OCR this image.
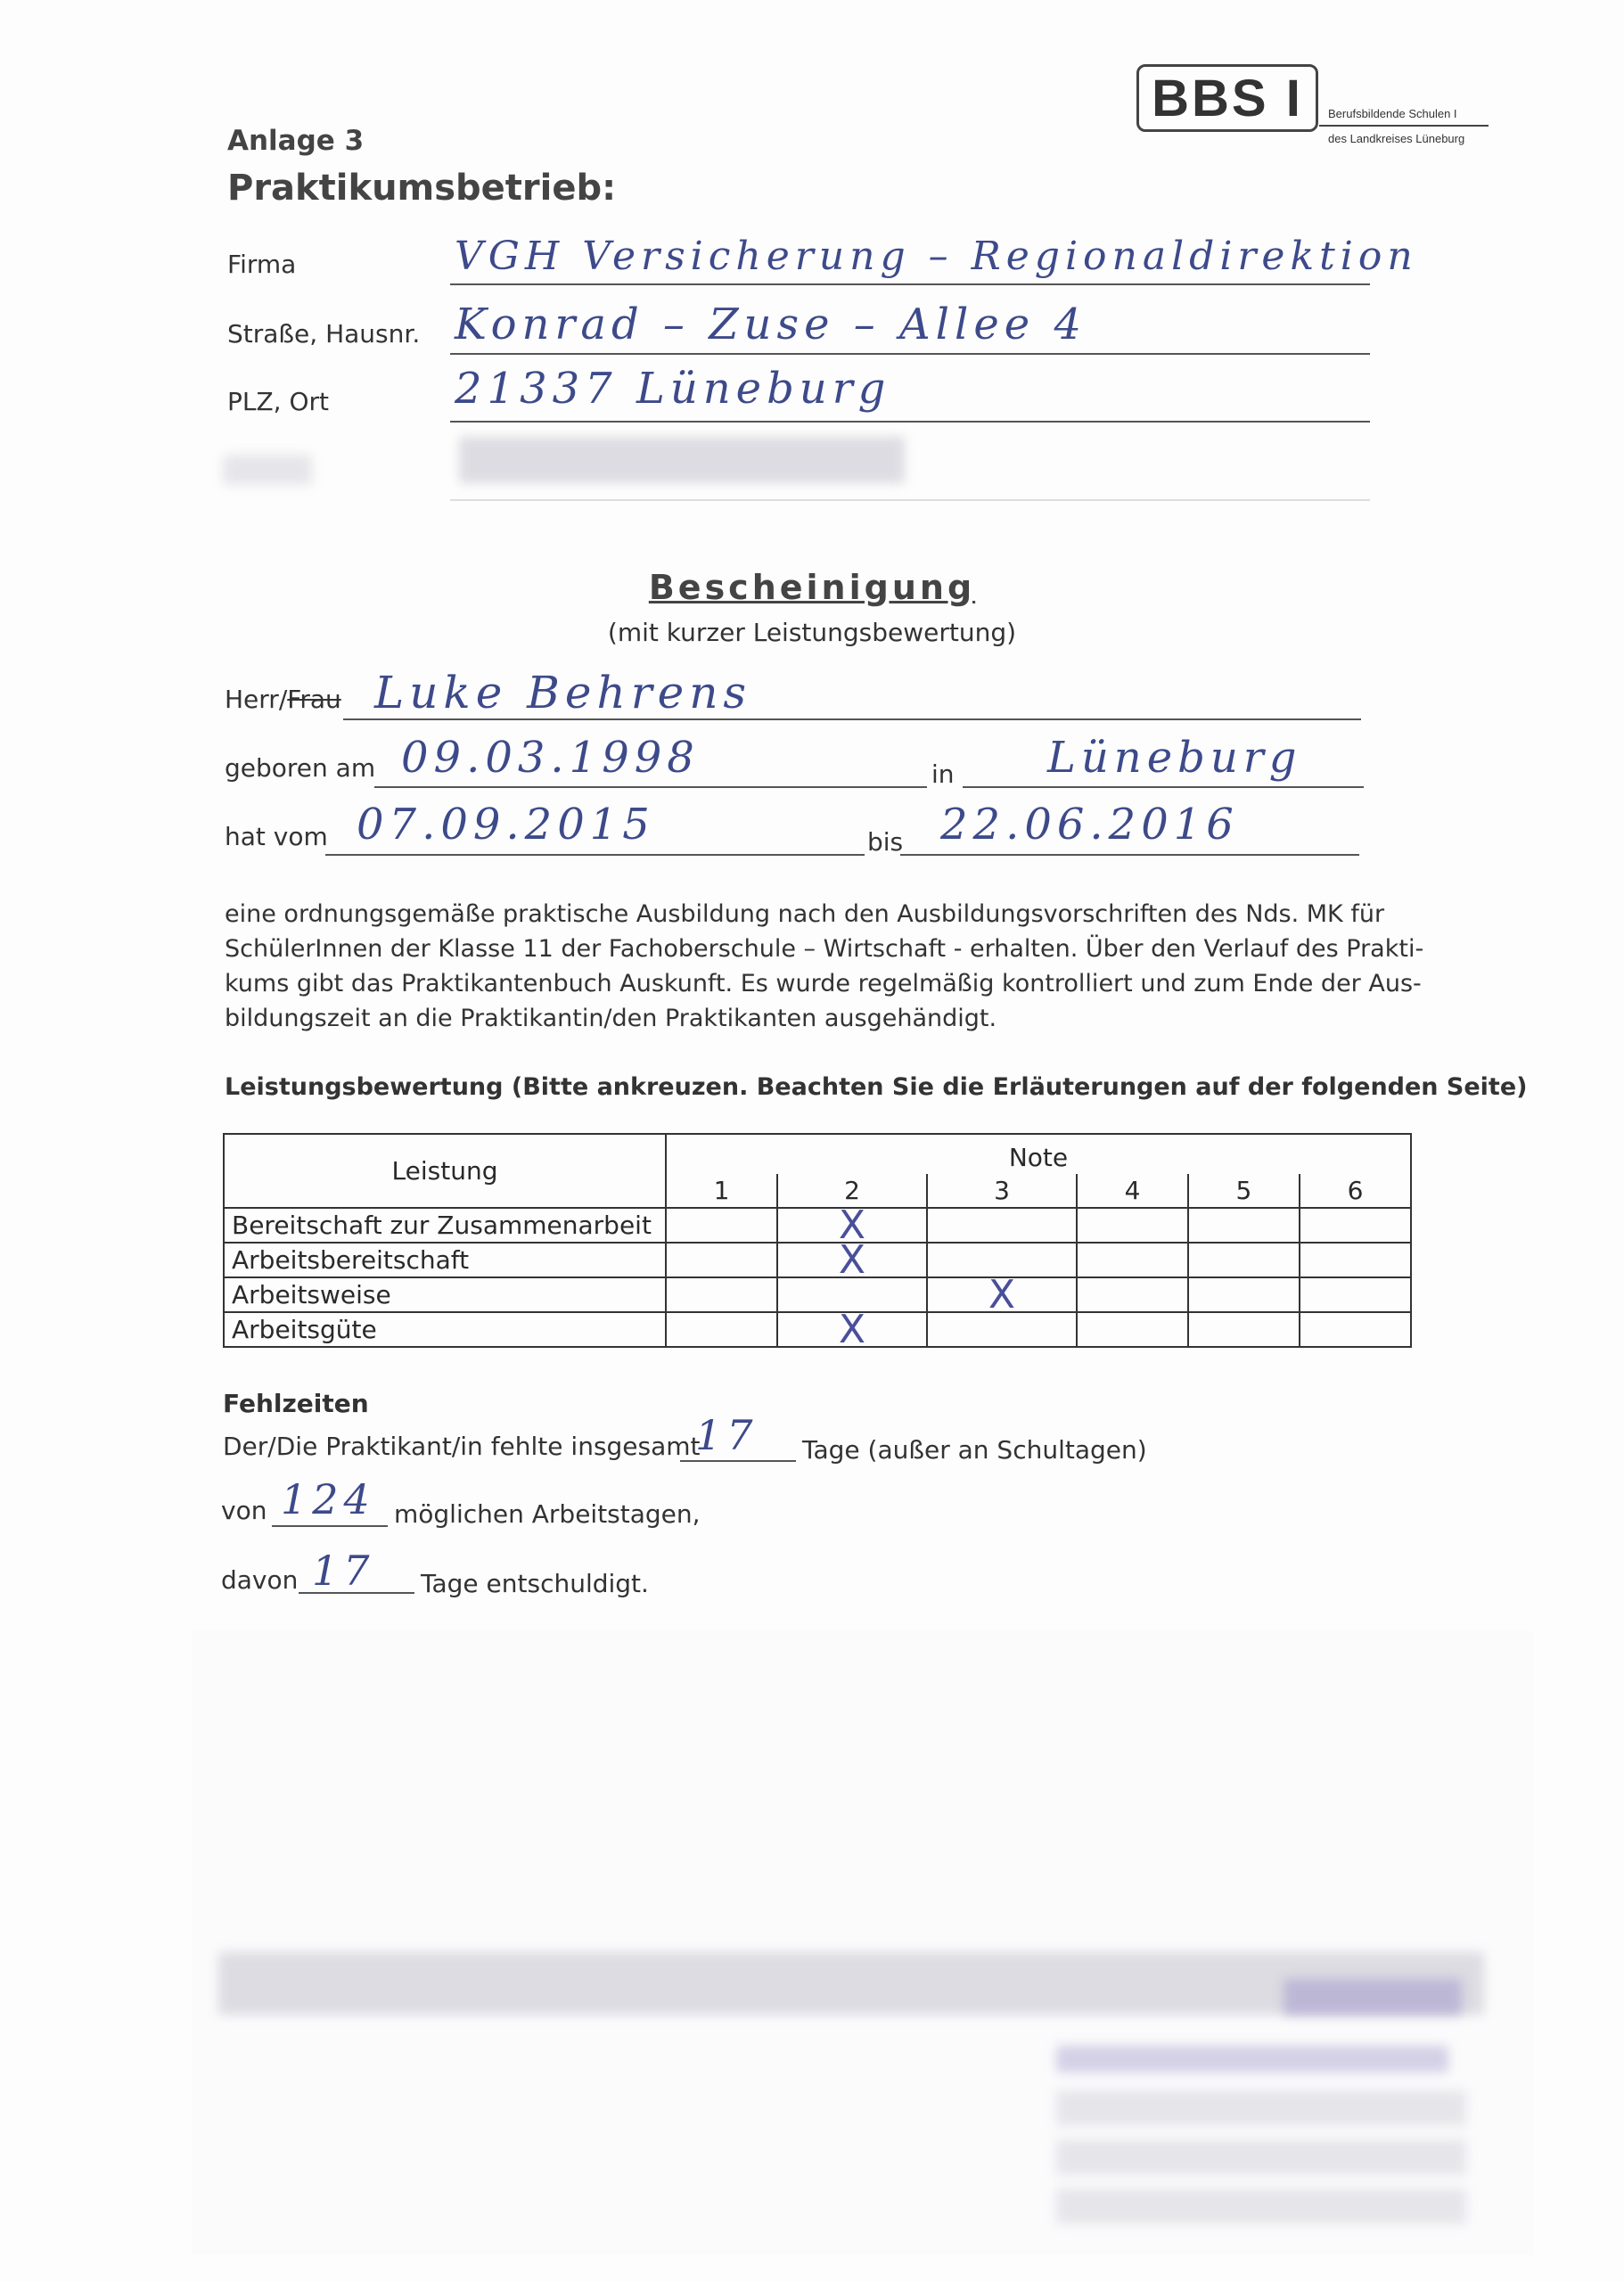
BBS I Berufsbildende Schulen I
des Landkreises Lüneburg
Anlage 3
Praktikumsbetrieb:
Firma	VGH Versicherung – Regionaldirektion
Straße, Hausnr. Konrad – Zuse – Allee 4
PLZ, Ort	21337 Lüneburg
Bescheinigung
(mit kurzer Leistungsbewertung)
Herr/Frau Luke Behrens
geboren am 09.03.1998	in Lüneburg
hat vom 07.09.2015	bis 22.06.2016
eine ordnungsgemäße praktische Ausbildung nach den Ausbildungsvorschriften des Nds. MK für
SchülerInnen der Klasse 11 der Fachoberschule – Wirtschaft - erhalten. Über den Verlauf des Prakti-
kums gibt das Praktikantenbuch Auskunft. Es wurde regelmäßig kontrolliert und zum Ende der Aus-
bildungszeit an die Praktikantin/den Praktikanten ausgehändigt.
Leistungsbewertung (Bitte ankreuzen. Beachten Sie die Erläuterungen auf der folgenden Seite)
Leistung	Note					
	1	2	3	4	5	6
Bereitschaft zur Zusammenarbeit		X				

Arbeitsbereitschaft		X				

Arbeitsweise			X			

Arbeitsgüte		X				

Fehlzeiten
Der/Die Praktikant/in fehlte insgesamt
17 Tage (außer an Schultagen)
von 124 möglichen Arbeitstagen,
davon 17 Tage entschuldigt.
